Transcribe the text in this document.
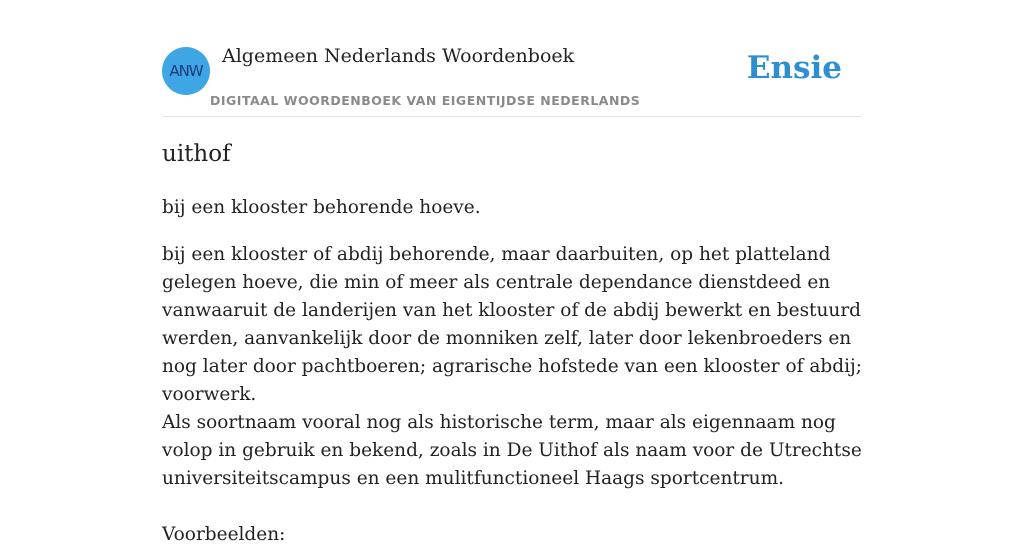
ANW
Algemeen Nederlands Woordenboek
DIGITAAL WOORDENBOEK VAN EIGENTIJDSE NEDERLANDS
Ensie
uithof

bij een klooster behorende hoeve.

bij een klooster of abdij behorende, maar daarbuiten, op het platteland gelegen hoeve, die min of meer als centrale dependance dienstdeed en vanwaaruit de landerijen van het klooster of de abdij bewerkt en bestuurd werden, aanvankelijk door de monniken zelf, later door lekenbroeders en nog later door pachtboeren; agrarische hofstede van een klooster of abdij; voorwerk.

Als soortnaam vooral nog als historische term, maar als eigennaam nog volop in gebruik en bekend, zoals in De Uithof als naam voor de Utrechtse universiteitscampus en een mulitfunctioneel Haags sportcentrum.

Voorbeelden:
